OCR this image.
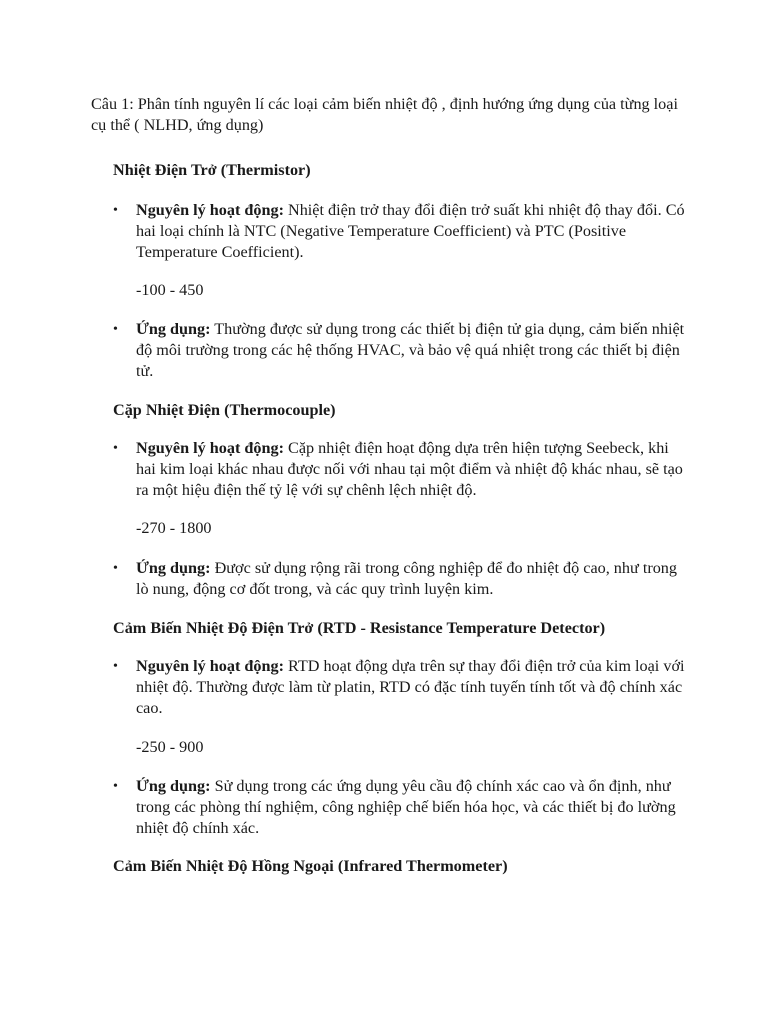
Câu 1: Phân tính nguyên lí các loại cảm biến nhiệt độ , định hướng ứng dụng của từng loại cụ thể ( NLHD, ứng dụng)

Nhiệt Điện Trở (Thermistor)

• Nguyên lý hoạt động: Nhiệt điện trở thay đổi điện trở suất khi nhiệt độ thay đổi. Có hai loại chính là NTC (Negative Temperature Coefficient) và PTC (Positive Temperature Coefficient).

-100 - 450

• Ứng dụng: Thường được sử dụng trong các thiết bị điện tử gia dụng, cảm biến nhiệt độ môi trường trong các hệ thống HVAC, và bảo vệ quá nhiệt trong các thiết bị điện tử.

Cặp Nhiệt Điện (Thermocouple)

• Nguyên lý hoạt động: Cặp nhiệt điện hoạt động dựa trên hiện tượng Seebeck, khi hai kim loại khác nhau được nối với nhau tại một điểm và nhiệt độ khác nhau, sẽ tạo ra một hiệu điện thế tỷ lệ với sự chênh lệch nhiệt độ.

-270 - 1800

• Ứng dụng: Được sử dụng rộng rãi trong công nghiệp để đo nhiệt độ cao, như trong lò nung, động cơ đốt trong, và các quy trình luyện kim.

Cảm Biến Nhiệt Độ Điện Trở (RTD - Resistance Temperature Detector)

• Nguyên lý hoạt động: RTD hoạt động dựa trên sự thay đổi điện trở của kim loại với nhiệt độ. Thường được làm từ platin, RTD có đặc tính tuyến tính tốt và độ chính xác cao.

-250 - 900

• Ứng dụng: Sử dụng trong các ứng dụng yêu cầu độ chính xác cao và ổn định, như trong các phòng thí nghiệm, công nghiệp chế biến hóa học, và các thiết bị đo lường nhiệt độ chính xác.

Cảm Biến Nhiệt Độ Hồng Ngoại (Infrared Thermometer)
